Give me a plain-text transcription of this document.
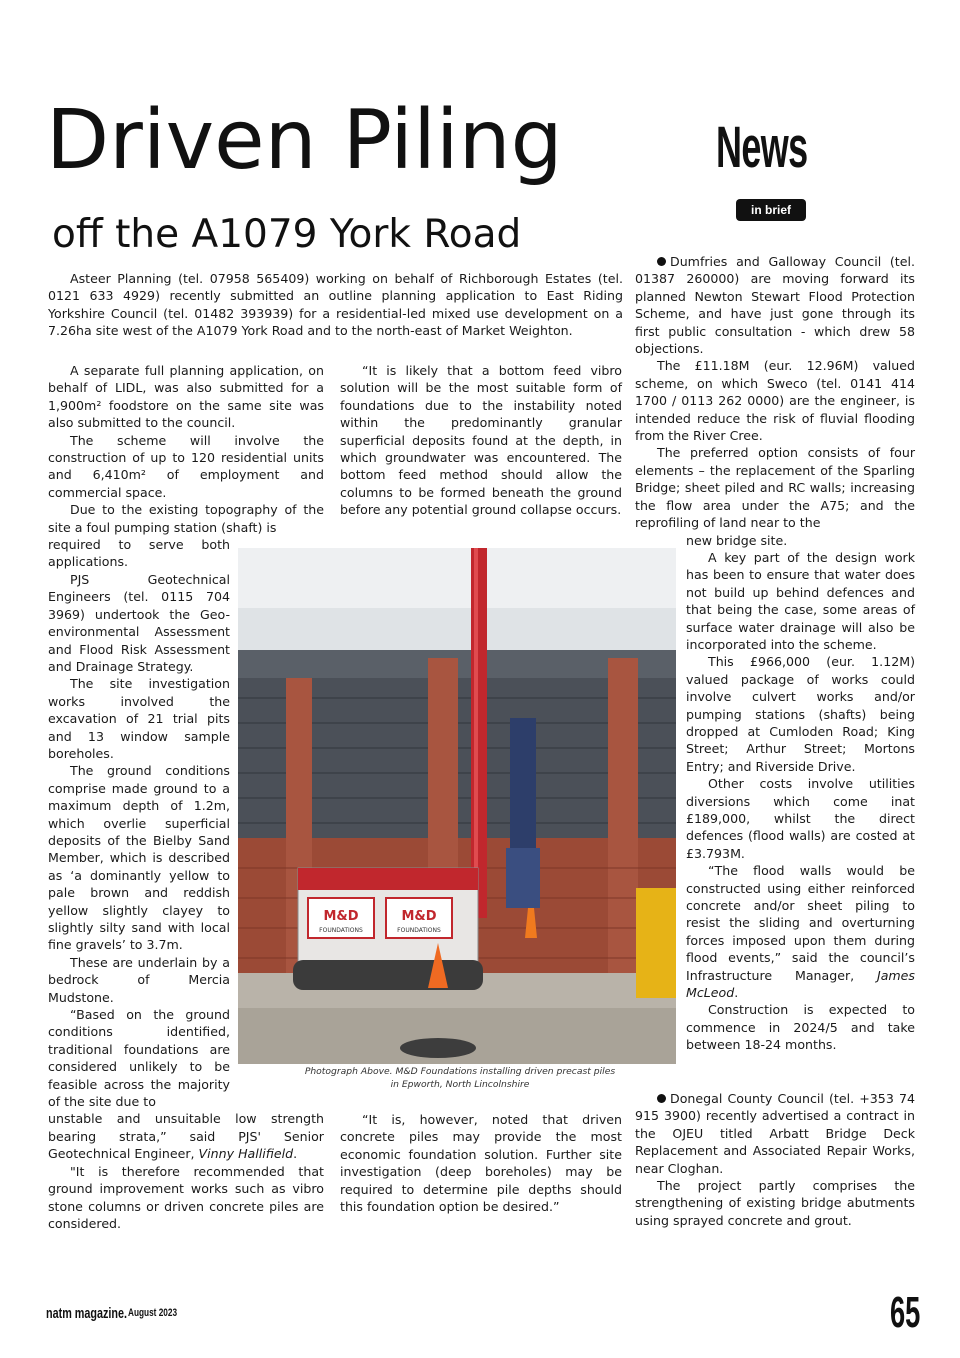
Driven Piling
off the A1079 York Road
News
in brief

Asteer Planning (tel. 07958 565409) working on behalf of Richborough Estates (tel. 0121 633 4929) recently submitted an outline planning application to East Riding Yorkshire Council (tel. 01482 393939) for a residential-led mixed use development on a 7.26ha site west of the A1079 York Road and to the north-east of Market Weighton.

A separate full planning application, on behalf of LIDL, was also submitted for a 1,900m² foodstore on the same site was also submitted to the council.

The scheme will involve the construction of up to 120 residential units and 6,410m² of employment and commercial space.

Due to the existing topography of the site a foul pumping station (shaft) is

required to serve both applications.

PJS Geotechnical Engineers (tel. 0115 704 3969) undertook the Geo-environmental Assessment and Flood Risk Assessment and Drainage Strategy.

The site investigation works involved the excavation of 21 trial pits and 13 window sample boreholes.

The ground conditions comprise made ground to a maximum depth of 1.2m, which overlie superficial deposits of the Bielby Sand Member, which is described as ‘a dominantly yellow to pale brown and reddish yellow slightly clayey to slightly silty sand with local fine gravels’ to 3.7m.

These are underlain by a bedrock of Mercia Mudstone.

“Based on the ground conditions identified, traditional foundations are considered unlikely to be feasible across the majority of the site due to

unstable and unsuitable low strength bearing strata,” said PJS' Senior Geotechnical Engineer, Vinny Hallifield.

"It is therefore recommended that ground improvement works such as vibro stone columns or driven concrete piles are considered.

“It is likely that a bottom feed vibro solution will be the most suitable form of foundations due to the instability noted within the predominantly granular superficial deposits found at the depth, in which groundwater was encountered. The bottom feed method should allow the columns to be formed beneath the ground before any potential ground collapse occurs.

“It is, however, noted that driven concrete piles may provide the most economic foundation solution. Further site investigation (deep boreholes) may be required to determine pile depths should this foundation option be desired.”

M&D	M&D
FOUNDATIONS	FOUNDATIONS
Photograph Above. M&D Foundations installing driven precast piles
in Epworth, North Lincolnshire

Dumfries and Galloway Council (tel. 01387 260000) are moving forward its planned Newton Stewart Flood Protection Scheme, and have just gone through its first public consultation - which drew 58 objections.

The £11.18M (eur. 12.96M) valued scheme, on which Sweco (tel. 0141 414 1700 / 0113 262 0000) are the engineer, is intended reduce the risk of fluvial flooding from the River Cree.

The preferred option consists of four elements – the replacement of the Sparling Bridge; sheet piled and RC walls; increasing the flow area under the A75; and the reprofiling of land near to the

new bridge site.

A key part of the design work has been to ensure that water does not build up behind defences and that being the case, some areas of surface water drainage will also be incorporated into the scheme.

This £966,000 (eur. 1.12M) valued package of works could involve culvert works and/or pumping stations (shafts) being dropped at Cumloden Road; King Street; Arthur Street; Mortons Entry; and Riverside Drive.

Other costs involve utilities diversions which come inat £189,000, whilst the direct defences (flood walls) are costed at £3.793M.

“The flood walls would be constructed using either reinforced concrete and/or sheet piling to resist the sliding and overturning forces imposed upon them during flood events,” said the council’s Infrastructure Manager, James McLeod.

Construction is expected to commence in 2024/5 and take between 18-24 months.

Donegal County Council (tel. +353 74 915 3900) recently advertised a contract in the OJEU titled Arbatt Bridge Deck Replacement and Associated Repair Works, near Cloghan.

The project partly comprises the strengthening of existing bridge abutments using sprayed concrete and grout.

natm magazine. August 2023	65
